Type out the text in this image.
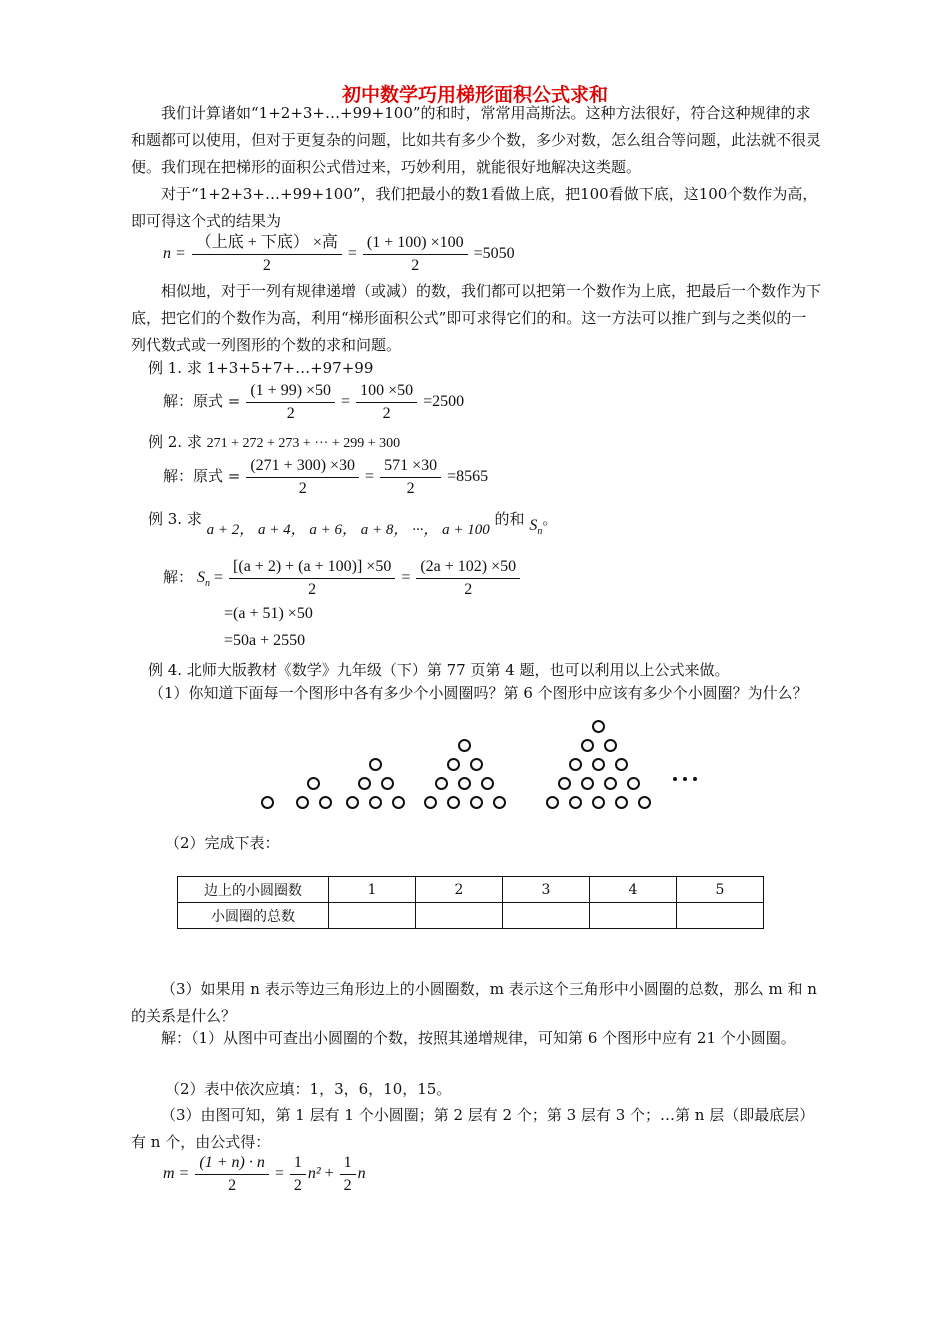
初中数学巧用梯形面积公式求和
我们计算诸如“1+2+3+…+99+100”的和时，常常用高斯法。这种方法很好，符合这种规律的求和题都可以使用，但对于更复杂的问题，比如共有多少个数，多少对数，怎么组合等问题，此法就不很灵便。我们现在把梯形的面积公式借过来，巧妙利用，就能很好地解决这类题。
对于“1+2+3+…+99+100”，我们把最小的数1看做上底，把100看做下底，这100个数作为高，即可得这个式的结果为
$n = \frac{\text{（上底 + 下底） ×高}}{2} = \frac{(1 + 100) \times 100}{2} =5050$
相似地，对于一列有规律递增（或减）的数，我们都可以把第一个数作为上底，把最后一个数作为下底，把它们的个数作为高，利用“梯形面积公式”即可求得它们的和。这一方法可以推广到与之类似的一列代数式或一列图形的个数的求和问题。
例 1. 求 1+3+5+7+…+97+99
解：原式 = $\frac{(1 + 99) \times 50}{2} = \frac{100 \times 50}{2} =2500$
例 2. 求 271 + 272 + 273 + ··· + 299 + 300
解：原式 = $\frac{(271 + 300) \times 30}{2} = \frac{571 \times 30}{2} =8565$
例 3. 求 a + 2， a + 4， a + 6， a + 8， ···， a + 100 的和 $S_n$。
解： $S_n = \frac{[(a + 2) + (a + 100)] \times 50}{2} = \frac{(2a + 102) \times 50}{2}$
=(a + 51) ×50
=50a + 2550
例 4. 北师大版教材《数学》九年级（下）第 77 页第 4 题，也可以利用以上公式来做。
（1）你知道下面每一个图形中各有多少个小圆圈吗？第 6 个图形中应该有多少个小圆圈？为什么？
（2）完成下表：
边上的小圆圈数	1	2	3	4	5
小圆圈的总数					
（3）如果用 n 表示等边三角形边上的小圆圈数，m 表示这个三角形中小圆圈的总数，那么 m 和 n 的关系是什么？
解：（1）从图中可查出小圆圈的个数，按照其递增规律，可知第 6 个图形中应有 21 个小圆圈。
（2）表中依次应填：1，3，6，10，15。
（3）由图可知，第 1 层有 1 个小圆圈；第 2 层有 2 个；第 3 层有 3 个；…第 n 层（即最底层）有 n 个，由公式得：
$m = \frac{(1 + n) \cdot n}{2} = \frac{1}{2} n^2 + \frac{1}{2}$ n
